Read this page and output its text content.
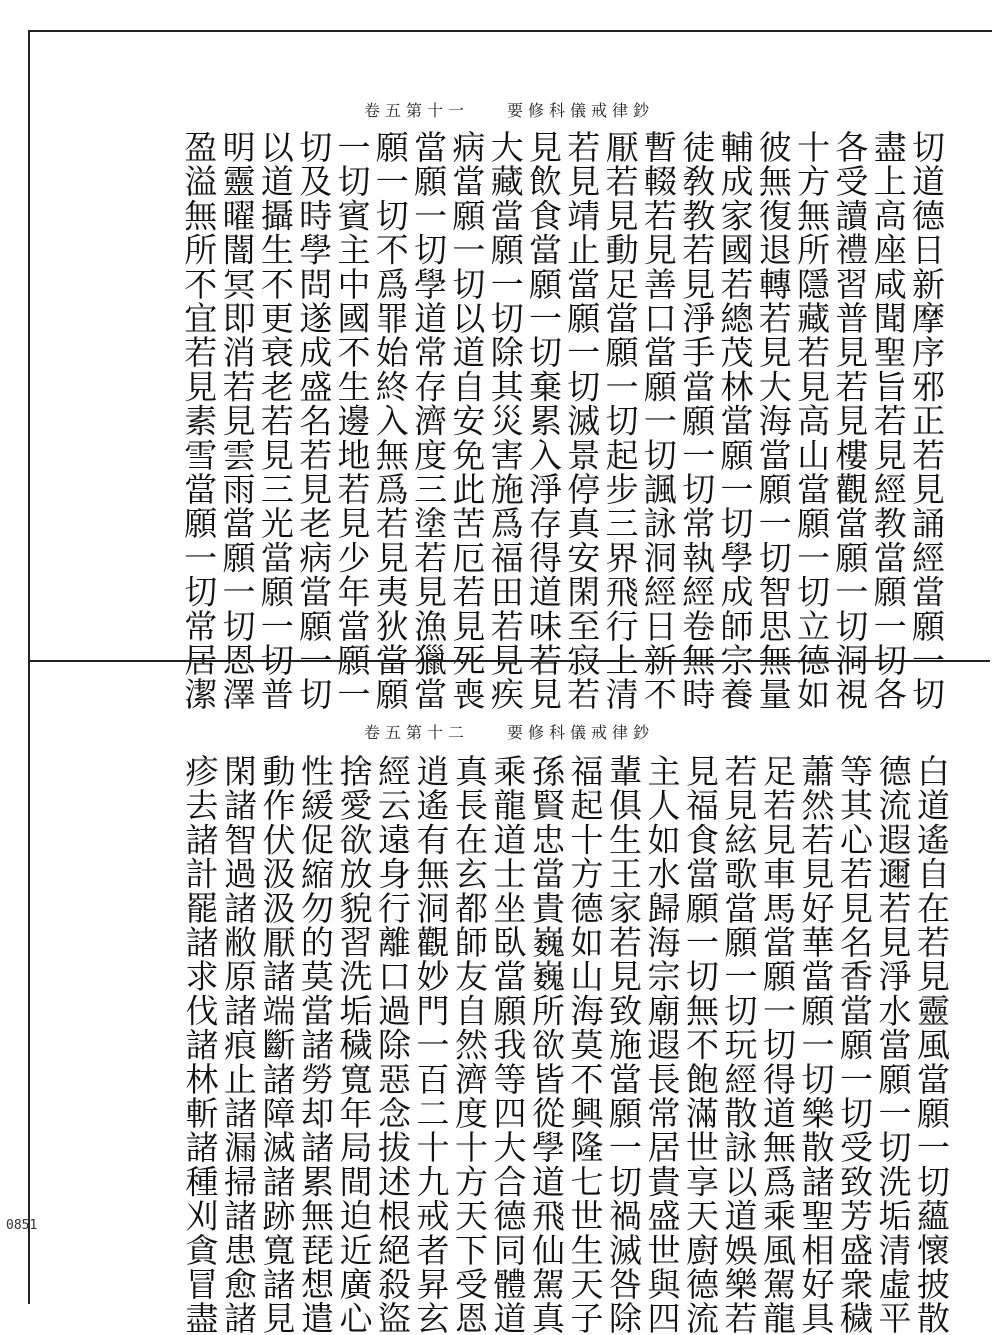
卷五第十一 要修科儀戒律鈔
切道德日新摩序邪正若見誦經當願一切
盡上高座咸聞聖旨若見經教當願一切各
各受讀禮習普見若見樓觀當願一切洞視
十方無所隱藏若見高山當願一切立德如
彼無復退轉若見大海當願一切智思無量
輔成家國若總茂林當願一切學成師宗養
徒敎教若見淨手當願一切常執經卷無時
暫輟若見善口當願一切諷詠洞經日新不
厭若見動足當願一切起步三界飛行上清
若見靖止當願一切滅景停真安閑至寂若
見飲食當願一切棄累入淨存得道味若見
大藏當願一切除其災害施爲福田若見疾
病當願一切以道自安免此苦厄若見死喪
當願一切學道常存濟度三塗若見漁獵當
願一切不爲罪始終入無爲若見夷狄當願
一切賓主中國不生邊地若見少年當願一
切及時學問遂成盛名若見老病當願一切
以道攝生不更衰老若見三光當願一切普
明靈曜闇冥即消若見雲雨當願一切恩澤
盈溢無所不宜若見素雪當願一切常居潔
卷五第十二 要修科儀戒律鈔
白道遙自在若見靈風當願一切蘊懷披散
德流遐邇若見淨水當願一切洗垢清虛平
等其心若見名香當願一切受致芳盛衆穢
蕭然若見好華當願一切樂散諸聖相好具
足若見車馬當願一切得道無爲乘風駕龍
若見絃歌當願一切玩經散詠以道娛樂若
見福食當願一切無不飽滿世享天廚德流
主人如水歸海宗廟遐長常居貴盛世與四
輩俱生王家若見致施當願一切禍滅咎除
福起十方德如山海莫不興隆七世生天子
孫賢忠當貴巍巍所欲皆從學道飛仙駕真
乘龍道士坐臥當願我等四大合德同體道
真長在玄都師友自然濟度十方天下受恩
逍遙有無洞觀妙門一百二十九戒者昇玄
經云遠身行離口過除惡念拔述根絕殺盜
捨愛欲放貌習洗垢穢寬年局間迫近廣心
性緩促縮勿的莫當諸勞却諸累無琵想遣
動作伏汲汲厭諸端斷諸障滅諸跡寬諸見
閑諸智過諸敝原諸痕止諸漏掃諸患愈諸
疹去諸計罷諸求伐諸林斬諸種刈貪冒盡
0851
